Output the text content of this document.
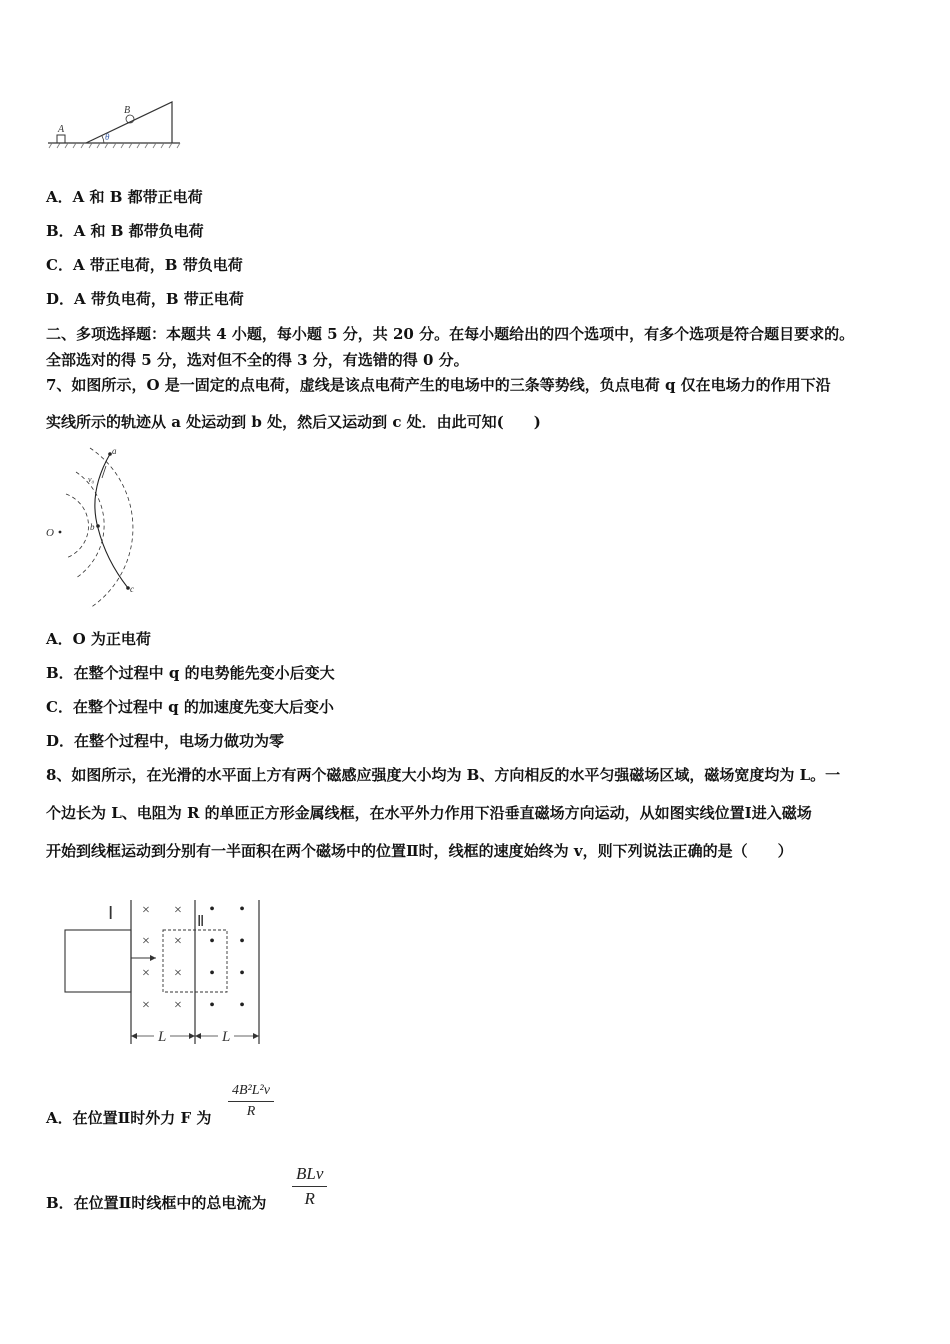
A
B
θ
A．A 和 B 都带正电荷
B．A 和 B 都带负电荷
C．A 带正电荷，B 带负电荷
D．A 带负电荷，B 带正电荷
二、多项选择题：本题共 4 小题，每小题 5 分，共 20 分。在每小题给出的四个选项中，有多个选项是符合题目要求的。
全部选对的得 5 分，选对但不全的得 3 分，有选错的得 0 分。
7、如图所示，O 是一固定的点电荷，虚线是该点电荷产生的电场中的三条等势线，负点电荷 q 仅在电场力的作用下沿
实线所示的轨迹从 a 处运动到 b 处，然后又运动到 c 处．由此可知(　　)
O
a
b
c
v₀
A．O 为正电荷
B．在整个过程中 q 的电势能先变小后变大
C．在整个过程中 q 的加速度先变大后变小
D．在整个过程中，电场力做功为零
8、如图所示，在光滑的水平面上方有两个磁感应强度大小均为 B、方向相反的水平匀强磁场区域，磁场宽度均为 L。一
个边长为 L、电阻为 R 的单匝正方形金属线框，在水平外力作用下沿垂直磁场方向运动，从如图实线位置Ⅰ进入磁场
开始到线框运动到分别有一半面积在两个磁场中的位置Ⅱ时，线框的速度始终为 v，则下列说法正确的是（　　）
Ⅰ	Ⅱ
× ×
× ×
× ×
× ×
• •
• •
• •
• •
L	L
A．在位置Ⅱ时外力 F 为
4B²L²v
R
B．在位置Ⅱ时线框中的总电流为
BLv
R
